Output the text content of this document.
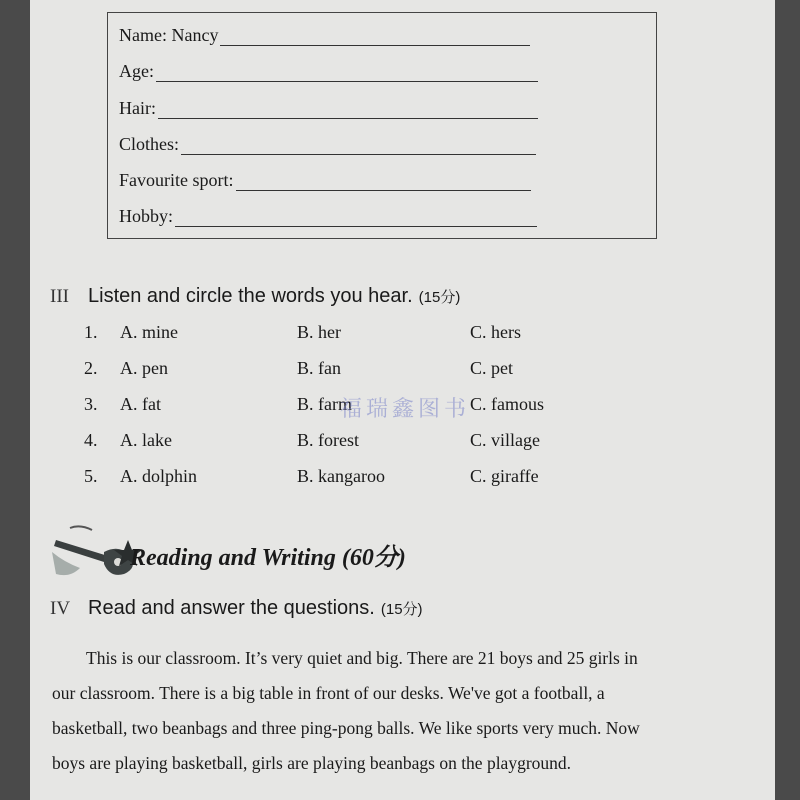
Name: Nancy
Age:
Hair:
Clothes:
Favourite sport:
Hobby:
III Listen and circle the words you hear. (15分)
1. A. mine	B. her	C. hers
2. A. pen	B. fan	C. pet
3. A. fat	B. farm	C. famous
4. A. lake	B. forest	C. village
5. A. dolphin	B. kangaroo	C. giraffe
福瑞鑫图书
Reading and Writing (60分)
IV Read and answer the questions. (15分)
This is our classroom. It’s very quiet and big. There are 21 boys and 25 girls in
our classroom. There is a big table in front of our desks. We've got a football, a
basketball, two beanbags and three ping-pong balls. We like sports very much. Now
boys are playing basketball, girls are playing beanbags on the playground.
